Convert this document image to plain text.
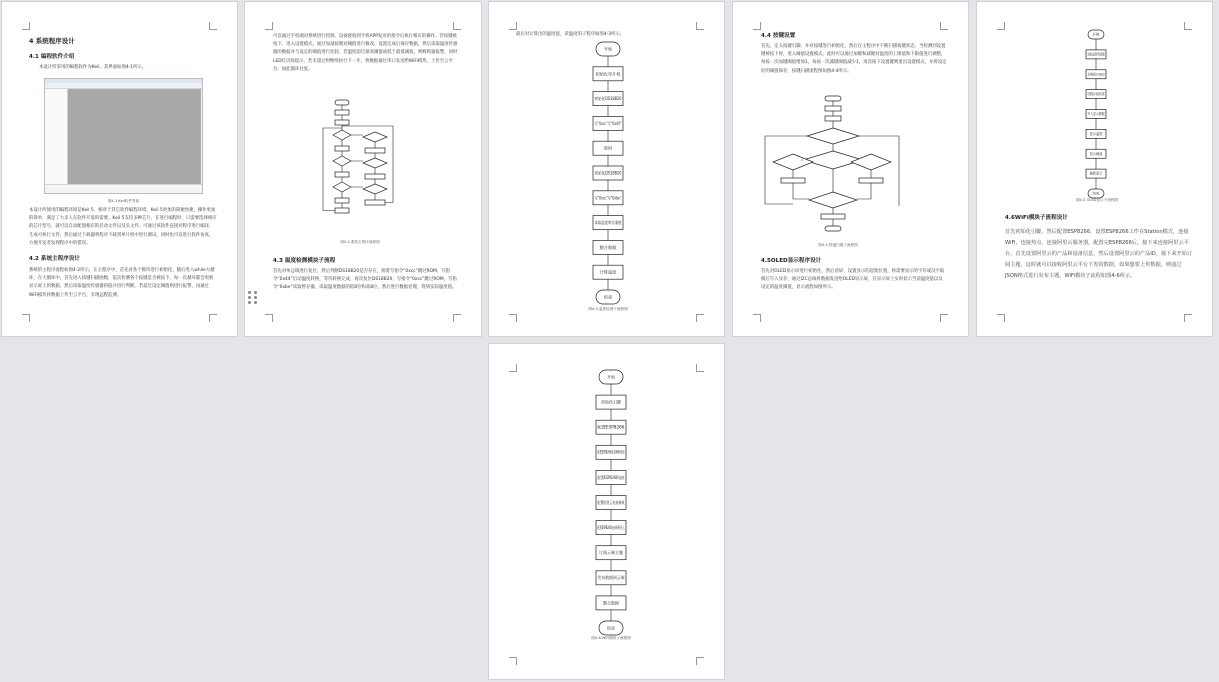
4 系统程序设计
4.1 编程软件介绍
本设计所采用的编程软件为Keil，其界面如图4-1所示。
图4-1 Keil软件界面
本设计所使用的编程环境是Keil 5，相对于其它软件编程环境，Keil 5更加的简便快捷，操作更加的简单，满足了大多人在软件开发的需要。Keil 5支持多种芯片，在进行编程时，只需要选择相应的芯片型号，就可以自动配置相应的启动文件以及头文件。可通过该软件直接对程序进行编译，生成可执行文件，然后通过下载器将程序下载到单片机中进行调试，同时也可以进行软件仿真，方便开发者发现程序中的错误。
4.2 系统主程序设计
系统的主程序流程如图4-2所示，在主程序中，首先对各个模块进行初始化，随后进入while大循环，在大循环中，首先进入按键扫描函数，依次检测各个按键是否被按下，每一次循环都会更新显示屏上的数据，然后读取温度传感器的值并进行判断，若超过设定阈值则进行报警，再通过WiFi模块将数据上传至云平台，实现远程监测。
可以通过手机端对系统进行控制，设备接收到手机APP发送的指令后执行相应的操作。若按键被按下，进入设置模式，通过加减按键对阈值进行修改，设置完成后保存数据。然后读取温度传感器的数据并与设定的阈值进行比较，若温度超过最高阈值或低于最低阈值，则蜂鸣器报警，同时LED灯闪烁提示，若未超过则继续执行下一步，将数据通过串口发送给WiFi模块，上传至云平台，如此循环往复。
图4-2 系统主程序流程图
4.3 温度检测模块子流程
首先对单总线进行复位，然后判断DS18B20是否存在，接着写指令“0xcc”跳过ROM，写指令“0x44”启动温度转换，等待转换完成，再次复位DS18B20，写指令“0xcc”跳过ROM，写指令“0xbe”读取暂存器，读取温度数据的低8位和高8位，然后进行数据处理，得到实际温度值。
最后对计算出的温度值，读温度的子程序如图4-3所示。
开始
初始化单片机
初始化DS18B20
写“0xcc”写“0x44”
延时
初始化DS18B20
写“0xcc”写“0xbe”
读取温度寄存器值
整合数据
计算温度
结束
图4-3 温度检测子流程图
4.4 按键设置
首先，定义按键引脚，并对按键进行初始化，然后在主程序中不断扫描按键状态，当检测到设置键被按下时，进入阈值设置模式，此时可以通过加键和减键对温度的上限值和下限值进行调整，每按一次加键阈值增加1，每按一次减键阈值减少1，再次按下设置键则退出设置模式，并将设定好的阈值保存，按键扫描流程图如图4-4所示。
图4-4 按键扫描子流程图
4.5OLED显示程序设计
首先对OLED显示屏进行初始化，然后清屏，设置显示的起始位置，将需要显示的字符或汉字取模后写入显存，通过I2C总线将数据发送给OLED显示屏，在显示屏上实时显示当前温度值以及设定的温度阈值，显示流程如图所示。
开始
读取温度传感器
初始化OLED
设置显示起始位置
写入显示数据
显示温度
显示阈值
刷新显示
结束
图4-5 OLED显示子流程图
4.6WiFi模块子流程设计
首先初始化引脚，然后配置ESP8266，设置ESP8266工作在Station模式，连接WiFi，连接热点，连接阿里云服务器，配置完ESP8266后，接下来连接阿里云平台，首先设置阿里云的产品和设备信息，然后设置阿里云的产品ID，接下来开始订阅主题，这时就可以接收阿里云平台下发的数据，如果想要上传数据，则通过JSON格式进行发布主题，WiFi模块子流程如图4-6所示。
开始
初始化引脚
配置ESP8266
配置ESP8266连接WiFi网络
配置ESP8266连接
配置阿里云连接参数
配置ESP8266连接到阿里云
订阅云端主题
发布数据到云端
整合数据
结束
图4-6 WiFi模块子流程图
